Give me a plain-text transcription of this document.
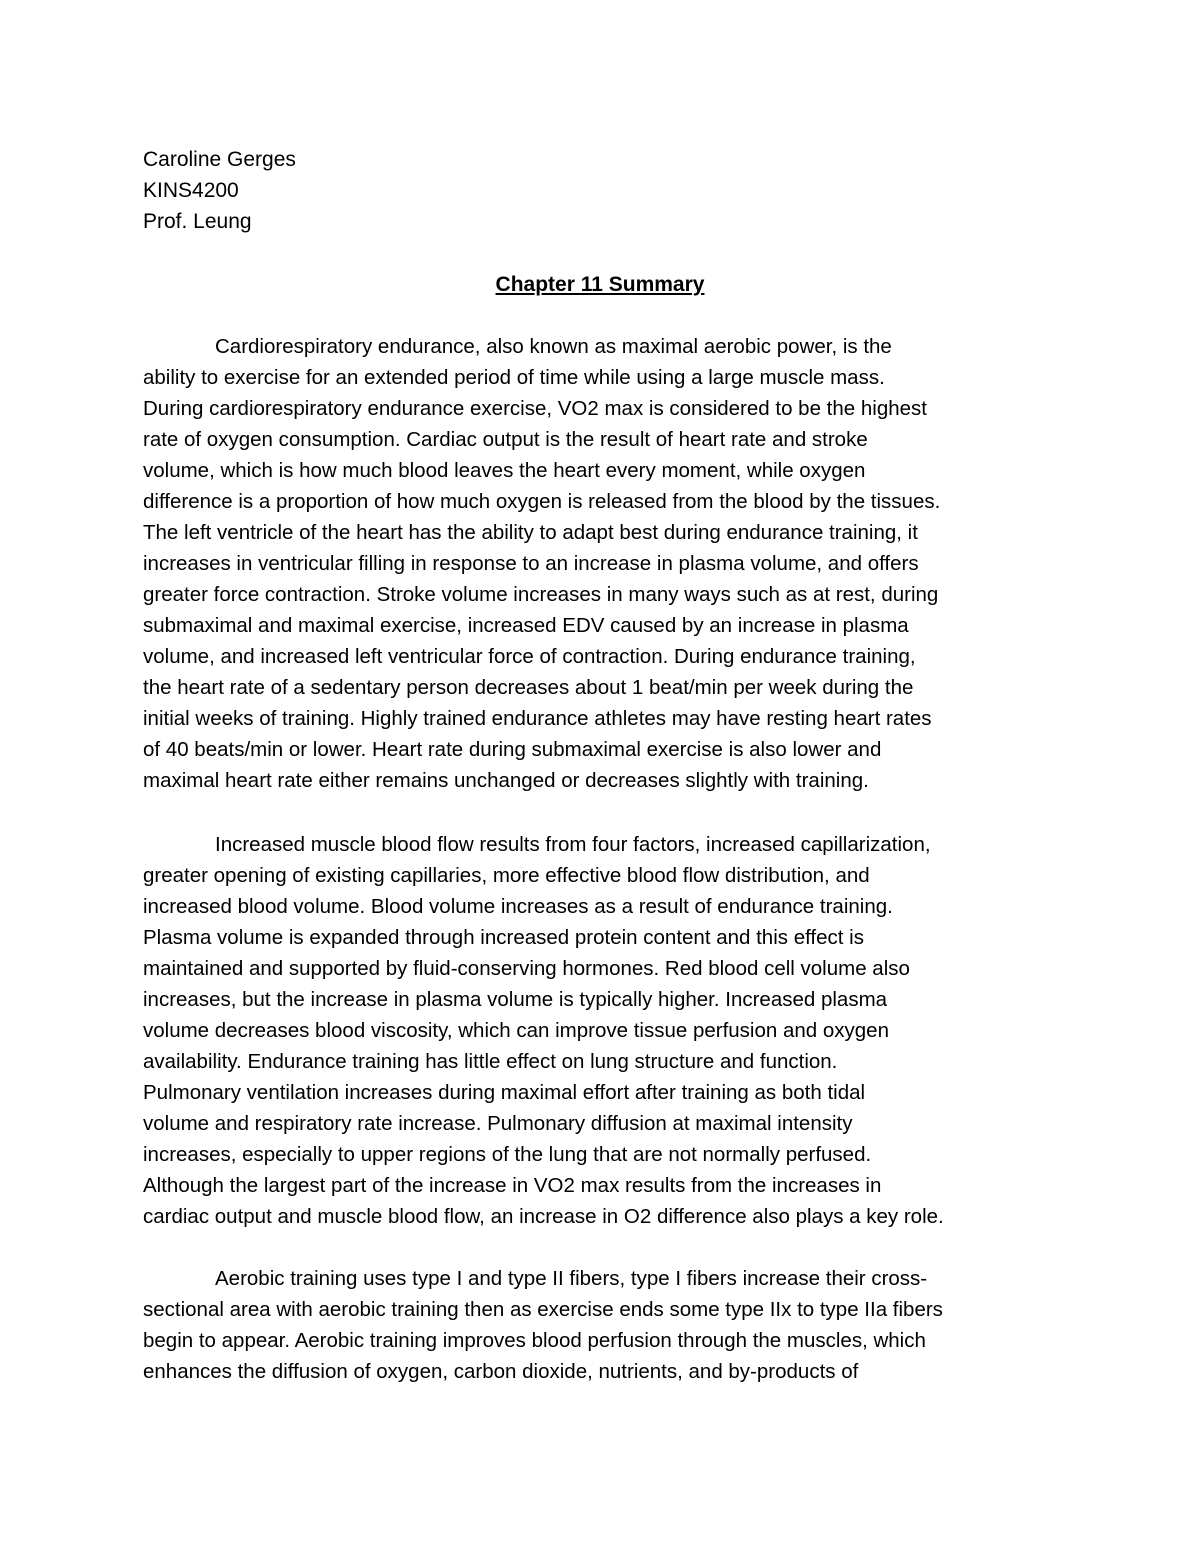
Caroline Gerges
KINS4200
Prof. Leung
Chapter 11 Summary
Cardiorespiratory endurance, also known as maximal aerobic power, is the
ability to exercise for an extended period of time while using a large muscle mass.
During cardiorespiratory endurance exercise, VO2 max is considered to be the highest
rate of oxygen consumption. Cardiac output is the result of heart rate and stroke
volume, which is how much blood leaves the heart every moment, while oxygen
difference is a proportion of how much oxygen is released from the blood by the tissues.
The left ventricle of the heart has the ability to adapt best during endurance training, it
increases in ventricular filling in response to an increase in plasma volume, and offers
greater force contraction. Stroke volume increases in many ways such as at rest, during
submaximal and maximal exercise, increased EDV caused by an increase in plasma
volume, and increased left ventricular force of contraction. During endurance training,
the heart rate of a sedentary person decreases about 1 beat/min per week during the
initial weeks of training. Highly trained endurance athletes may have resting heart rates
of 40 beats/min or lower. Heart rate during submaximal exercise is also lower and
maximal heart rate either remains unchanged or decreases slightly with training.
Increased muscle blood flow results from four factors, increased capillarization,
greater opening of existing capillaries, more effective blood flow distribution, and
increased blood volume. Blood volume increases as a result of endurance training.
Plasma volume is expanded through increased protein content and this effect is
maintained and supported by fluid-conserving hormones. Red blood cell volume also
increases, but the increase in plasma volume is typically higher. Increased plasma
volume decreases blood viscosity, which can improve tissue perfusion and oxygen
availability. Endurance training has little effect on lung structure and function.
Pulmonary ventilation increases during maximal effort after training as both tidal
volume and respiratory rate increase. Pulmonary diffusion at maximal intensity
increases, especially to upper regions of the lung that are not normally perfused.
Although the largest part of the increase in VO2 max results from the increases in
cardiac output and muscle blood flow, an increase in O2 difference also plays a key role.
Aerobic training uses type I and type II fibers, type I fibers increase their cross-
sectional area with aerobic training then as exercise ends some type IIx to type IIa fibers
begin to appear. Aerobic training improves blood perfusion through the muscles, which
enhances the diffusion of oxygen, carbon dioxide, nutrients, and by-products of
